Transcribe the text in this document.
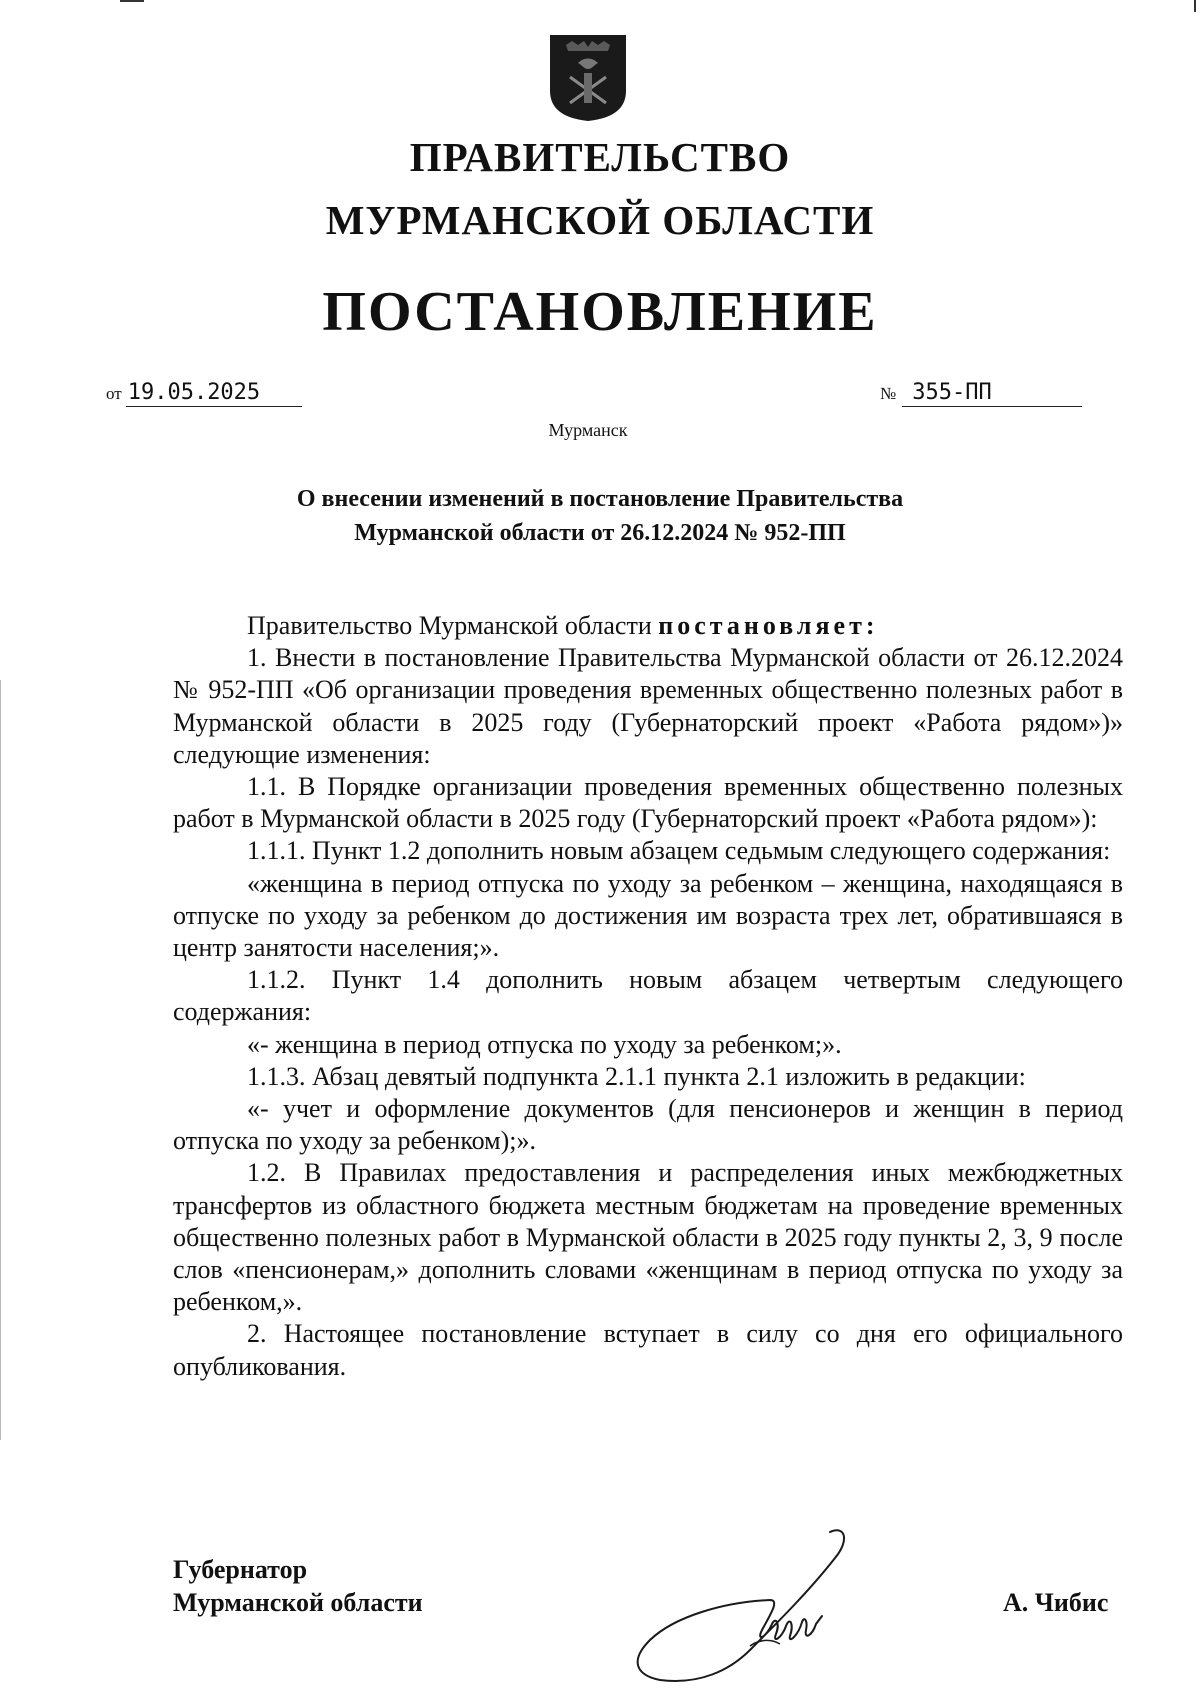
ПРАВИТЕЛЬСТВО
МУРМАНСКОЙ ОБЛАСТИ
ПОСТАНОВЛЕНИЕ
от 19.05.2025	№ 355-ПП
Мурманск
О внесении изменений в постановление Правительства
Мурманской области от 26.12.2024 № 952-ПП

Правительство Мурманской области постановляет:

1. Внести в постановление Правительства Мурманской области от 26.12.2024 № 952-ПП «Об организации проведения временных общественно полезных работ в Мурманской области в 2025 году (Губернаторский проект «Работа рядом»)» следующие изменения:

1.1. В Порядке организации проведения временных общественно полезных работ в Мурманской области в 2025 году (Губернаторский проект «Работа рядом»):

1.1.1. Пункт 1.2 дополнить новым абзацем седьмым следующего содержания:

«женщина в период отпуска по уходу за ребенком – женщина, находящаяся в отпуске по уходу за ребенком до достижения им возраста трех лет, обратившаяся в центр занятости населения;».

1.1.2. Пункт 1.4 дополнить новым абзацем четвертым следующего содержания:

«- женщина в период отпуска по уходу за ребенком;».

1.1.3. Абзац девятый подпункта 2.1.1 пункта 2.1 изложить в редакции:

«- учет и оформление документов (для пенсионеров и женщин в период отпуска по уходу за ребенком);».

1.2. В Правилах предоставления и распределения иных межбюджетных трансфертов из областного бюджета местным бюджетам на проведение временных общественно полезных работ в Мурманской области в 2025 году пункты 2, 3, 9 после слов «пенсионерам,» дополнить словами «женщинам в период отпуска по уходу за ребенком,».

2. Настоящее постановление вступает в силу со дня его официального опубликования.

Губернатор
Мурманской области	А. Чибис
